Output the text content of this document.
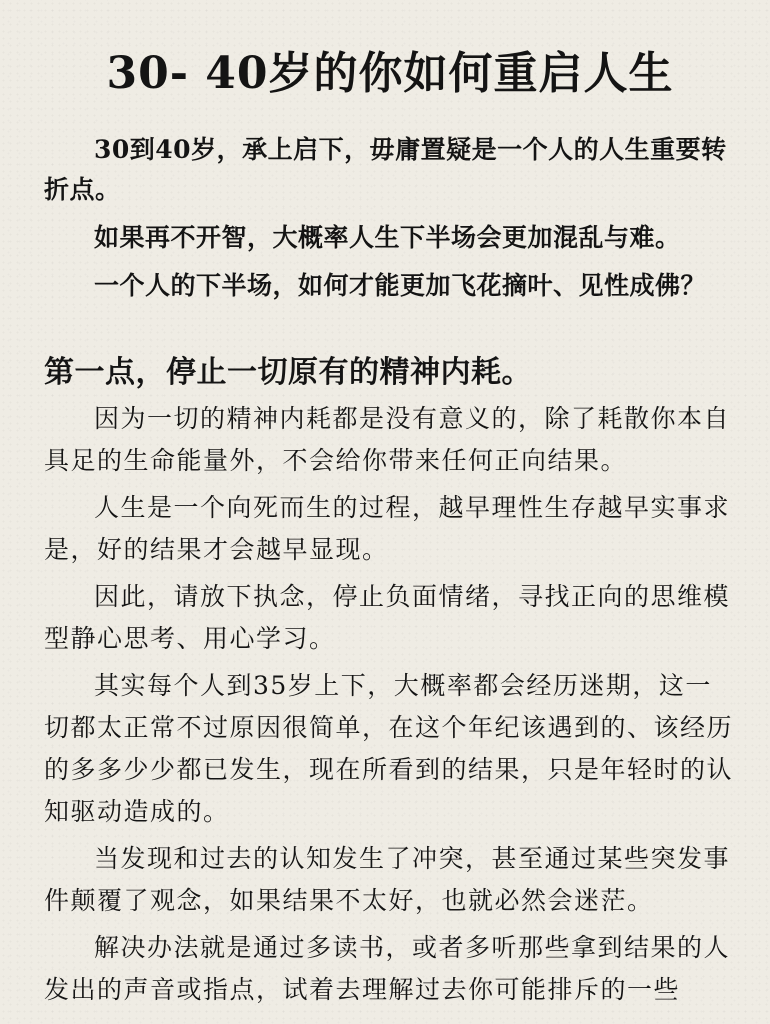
30- 40岁的你如何重启人生

30到40岁，承上启下，毋庸置疑是一个人的人生重要转折点。

如果再不开智，大概率人生下半场会更加混乱与难。

一个人的下半场，如何才能更加飞花摘叶、见性成佛？

第一点，停止一切原有的精神内耗。

因为一切的精神内耗都是没有意义的，除了耗散你本自具足的生命能量外，不会给你带来任何正向结果。

人生是一个向死而生的过程，越早理性生存越早实事求是，好的结果才会越早显现。

因此，请放下执念，停止负面情绪，寻找正向的思维模型静心思考、用心学习。

其实每个人到35岁上下，大概率都会经历迷期，这一切都太正常不过原因很简单，在这个年纪该遇到的、该经历的多多少少都已发生，现在所看到的结果，只是年轻时的认知驱动造成的。

当发现和过去的认知发生了冲突，甚至通过某些突发事件颠覆了观念，如果结果不太好，也就必然会迷茫。

解决办法就是通过多读书，或者多听那些拿到结果的人发出的声音或指点，试着去理解过去你可能排斥的一些
